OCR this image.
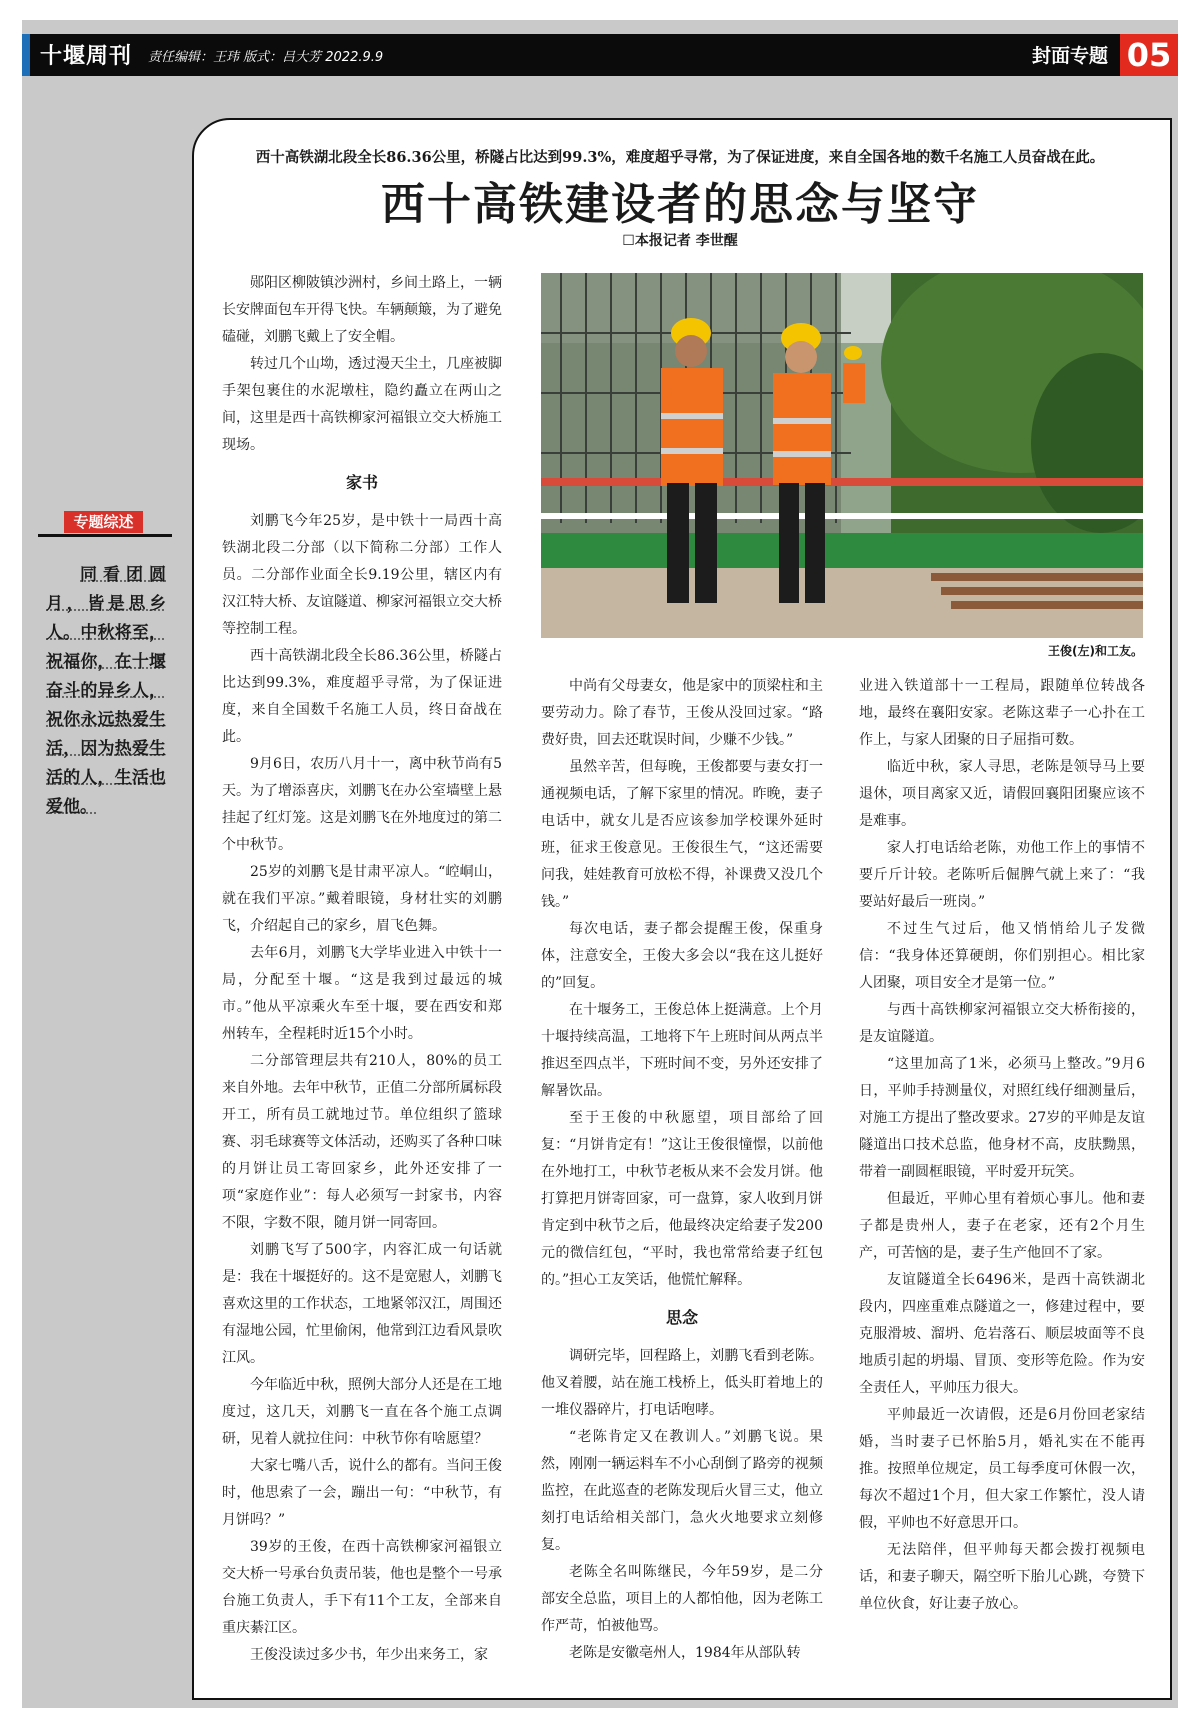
十堰周刊 责任编辑：王玮 版式：吕大芳 2022.9.9	封面专题 05
西十高铁湖北段全长86.36公里，桥隧占比达到99.3%，难度超乎寻常，为了保证进度，来自全国各地的数千名施工人员奋战在此。
西十高铁建设者的思念与坚守
☐本报记者 李世醒
专题综述
同看团圆月，皆是思乡人。中秋将至，祝福你，在十堰奋斗的异乡人，祝你永远热爱生活，因为热爱生活的人，生活也爱他。

郧阳区柳陂镇沙洲村，乡间土路上，一辆长安牌面包车开得飞快。车辆颠簸，为了避免磕碰，刘鹏飞戴上了安全帽。

转过几个山坳，透过漫天尘土，几座被脚手架包裹住的水泥墩柱，隐约矗立在两山之间，这里是西十高铁柳家河福银立交大桥施工现场。

家书

刘鹏飞今年25岁，是中铁十一局西十高铁湖北段二分部（以下简称二分部）工作人员。二分部作业面全长9.19公里，辖区内有汉江特大桥、友谊隧道、柳家河福银立交大桥等控制工程。

西十高铁湖北段全长86.36公里，桥隧占比达到99.3%，难度超乎寻常，为了保证进度，来自全国数千名施工人员，终日奋战在此。

9月6日，农历八月十一，离中秋节尚有5天。为了增添喜庆，刘鹏飞在办公室墙壁上悬挂起了红灯笼。这是刘鹏飞在外地度过的第二个中秋节。

25岁的刘鹏飞是甘肃平凉人。“崆峒山，就在我们平凉。”戴着眼镜，身材壮实的刘鹏飞，介绍起自己的家乡，眉飞色舞。

去年6月，刘鹏飞大学毕业进入中铁十一局，分配至十堰。“这是我到过最远的城市。”他从平凉乘火车至十堰，要在西安和郑州转车，全程耗时近15个小时。

二分部管理层共有210人，80%的员工来自外地。去年中秋节，正值二分部所属标段开工，所有员工就地过节。单位组织了篮球赛、羽毛球赛等文体活动，还购买了各种口味的月饼让员工寄回家乡，此外还安排了一项“家庭作业”：每人必须写一封家书，内容不限，字数不限，随月饼一同寄回。

刘鹏飞写了500字，内容汇成一句话就是：我在十堰挺好的。这不是宽慰人，刘鹏飞喜欢这里的工作状态，工地紧邻汉江，周围还有湿地公园，忙里偷闲，他常到江边看风景吹江风。

今年临近中秋，照例大部分人还是在工地度过，这几天，刘鹏飞一直在各个施工点调研，见着人就拉住问：中秋节你有啥愿望？

大家七嘴八舌，说什么的都有。当问王俊时，他思索了一会，蹦出一句：“中秋节，有月饼吗？”

39岁的王俊，在西十高铁柳家河福银立交大桥一号承台负责吊装，他也是整个一号承台施工负责人，手下有11个工友，全部来自重庆綦江区。

王俊没读过多少书，年少出来务工，家

王俊(左)和工友。

中尚有父母妻女，他是家中的顶梁柱和主要劳动力。除了春节，王俊从没回过家。“路费好贵，回去还耽误时间，少赚不少钱。”

虽然辛苦，但每晚，王俊都要与妻女打一通视频电话，了解下家里的情况。昨晚，妻子电话中，就女儿是否应该参加学校课外延时班，征求王俊意见。王俊很生气，“这还需要问我，娃娃教育可放松不得，补课费又没几个钱。”

每次电话，妻子都会提醒王俊，保重身体，注意安全，王俊大多会以“我在这儿挺好的”回复。

在十堰务工，王俊总体上挺满意。上个月十堰持续高温，工地将下午上班时间从两点半推迟至四点半，下班时间不变，另外还安排了解暑饮品。

至于王俊的中秋愿望，项目部给了回复：“月饼肯定有！”这让王俊很憧憬，以前他在外地打工，中秋节老板从来不会发月饼。他打算把月饼寄回家，可一盘算，家人收到月饼肯定到中秋节之后，他最终决定给妻子发200元的微信红包，“平时，我也常常给妻子红包的。”担心工友笑话，他慌忙解释。

思念

调研完毕，回程路上，刘鹏飞看到老陈。他叉着腰，站在施工栈桥上，低头盯着地上的一堆仪器碎片，打电话咆哮。

“老陈肯定又在教训人。”刘鹏飞说。果然，刚刚一辆运料车不小心刮倒了路旁的视频监控，在此巡查的老陈发现后火冒三丈，他立刻打电话给相关部门，急火火地要求立刻修复。

老陈全名叫陈继民，今年59岁，是二分部安全总监，项目上的人都怕他，因为老陈工作严苛，怕被他骂。

老陈是安徽亳州人，1984年从部队转

业进入铁道部十一工程局，跟随单位转战各地，最终在襄阳安家。老陈这辈子一心扑在工作上，与家人团聚的日子屈指可数。

临近中秋，家人寻思，老陈是领导马上要退休，项目离家又近，请假回襄阳团聚应该不是难事。

家人打电话给老陈，劝他工作上的事情不要斤斤计较。老陈听后倔脾气就上来了：“我要站好最后一班岗。”

不过生气过后，他又悄悄给儿子发微信：“我身体还算硬朗，你们别担心。相比家人团聚，项目安全才是第一位。”

与西十高铁柳家河福银立交大桥衔接的，是友谊隧道。

“这里加高了1米，必须马上整改。”9月6日，平帅手持测量仪，对照红线仔细测量后，对施工方提出了整改要求。27岁的平帅是友谊隧道出口技术总监，他身材不高，皮肤黝黑，带着一副圆框眼镜，平时爱开玩笑。

但最近，平帅心里有着烦心事儿。他和妻子都是贵州人，妻子在老家，还有2个月生产，可苦恼的是，妻子生产他回不了家。

友谊隧道全长6496米，是西十高铁湖北段内，四座重难点隧道之一，修建过程中，要克服滑坡、溜坍、危岩落石、顺层坡面等不良地质引起的坍塌、冒顶、变形等危险。作为安全责任人，平帅压力很大。

平帅最近一次请假，还是6月份回老家结婚，当时妻子已怀胎5月，婚礼实在不能再推。按照单位规定，员工每季度可休假一次，每次不超过1个月，但大家工作繁忙，没人请假，平帅也不好意思开口。

无法陪伴，但平帅每天都会拨打视频电话，和妻子聊天，隔空听下胎儿心跳，夸赞下单位伙食，好让妻子放心。
